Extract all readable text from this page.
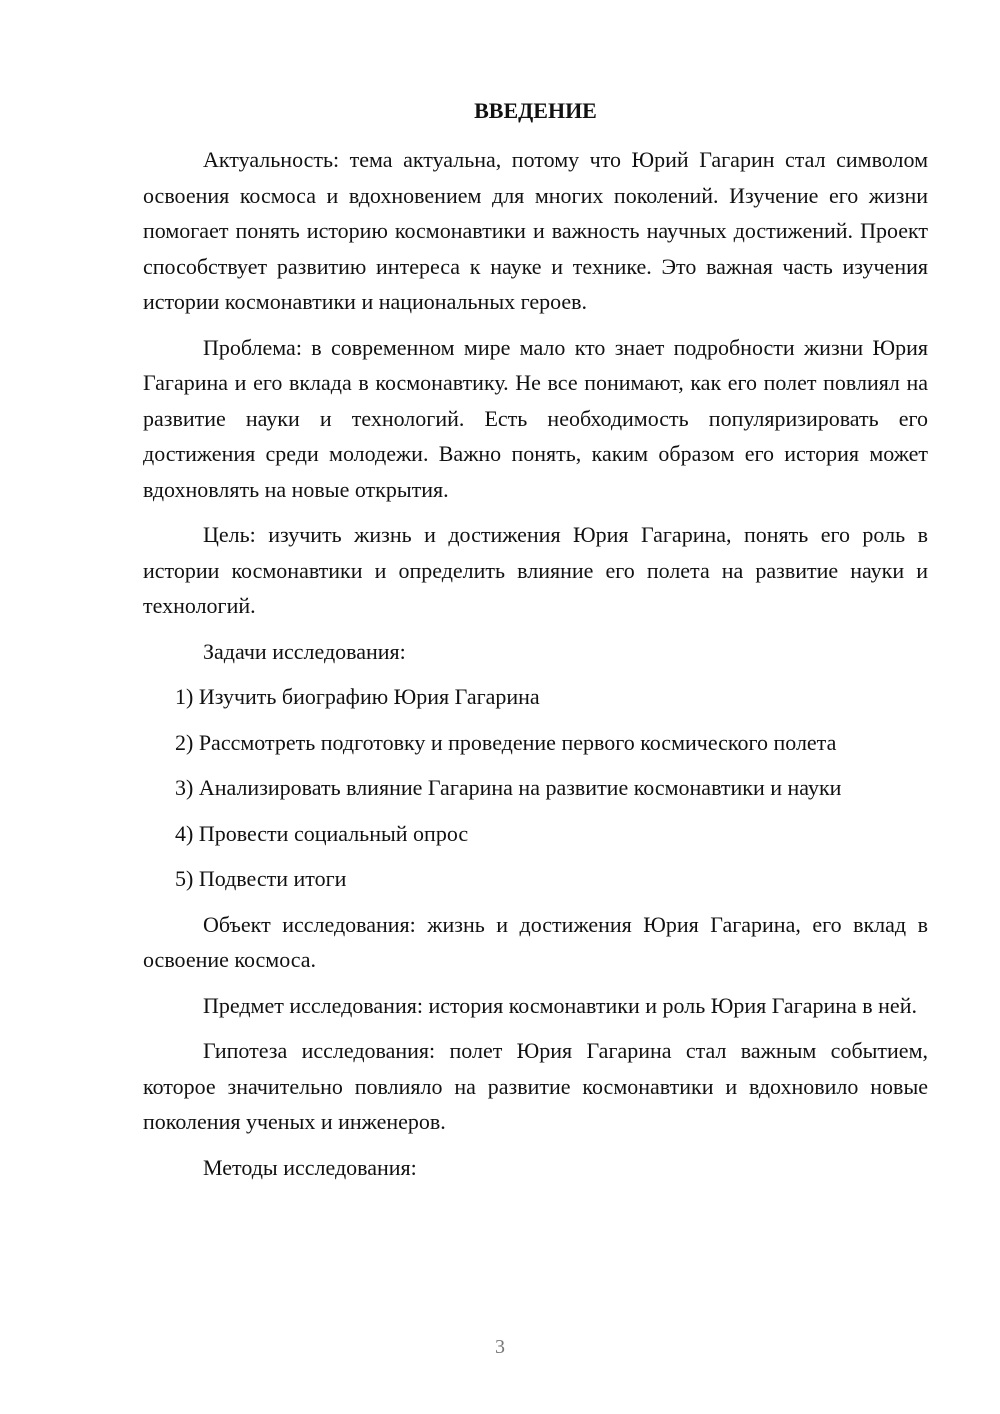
ВВЕДЕНИЕ

Актуальность: тема актуальна, потому что Юрий Гагарин стал символом освоения космоса и вдохновением для многих поколений. Изучение его жизни помогает понять историю космонавтики и важность научных достижений. Проект способствует развитию интереса к науке и технике. Это важная часть изучения истории космонавтики и национальных героев.

Проблема: в современном мире мало кто знает подробности жизни Юрия Гагарина и его вклада в космонавтику. Не все понимают, как его полет повлиял на развитие науки и технологий. Есть необходимость популяризировать его достижения среди молодежи. Важно понять, каким образом его история может вдохновлять на новые открытия.

Цель: изучить жизнь и достижения Юрия Гагарина, понять его роль в истории космонавтики и определить влияние его полета на развитие науки и технологий.

Задачи исследования:

1) Изучить биографию Юрия Гагарина

2) Рассмотреть подготовку и проведение первого космического полета

3) Анализировать влияние Гагарина на развитие космонавтики и науки

4) Провести социальный опрос

5) Подвести итоги

Объект исследования: жизнь и достижения Юрия Гагарина, его вклад в освоение космоса.

Предмет исследования: история космонавтики и роль Юрия Гагарина в ней.

Гипотеза исследования: полет Юрия Гагарина стал важным событием, которое значительно повлияло на развитие космонавтики и вдохновило новые поколения ученых и инженеров.

Методы исследования:

3
